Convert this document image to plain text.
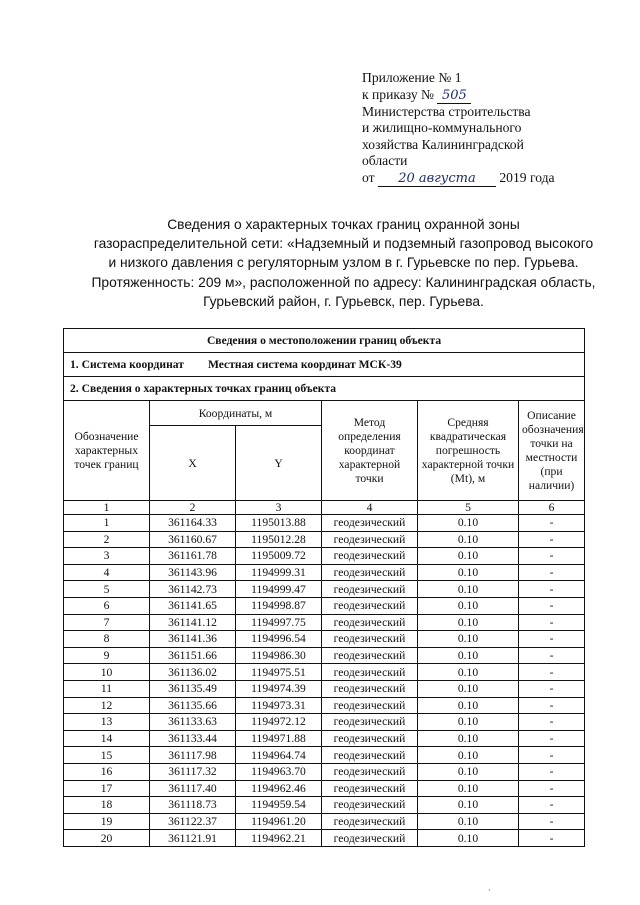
Приложение № 1
к приказу № 505
Министерства строительства
и жилищно-коммунального
хозяйства Калининградской
области
от 20 августа 2019 года
Сведения о характерных точках границ охранной зоны
газораспределительной сети: «Надземный и подземный газопровод высокого
и низкого давления с регуляторным узлом в г. Гурьевске по пер. Гурьева.
Протяженность: 209 м», расположенной по адресу: Калининградская область,
Гурьевский район, г. Гурьевск, пер. Гурьева.
Сведения о местоположении границ объекта					
1. Система координат Местная система координат МСК-39					
2. Сведения о характерных точках границ объекта					
Обозначение характерных точек границ	Координаты, м		Метод определения координат характерной точки	Средняя квадратическая погрешность характерной точки (Mt), м	Описание обозначения точки на местности (при наличии)
	X	Y			
1	2	3	4	5	6
1	361164.33	1195013.88	геодезический	0.10	-
2	361160.67	1195012.28	геодезический	0.10	-
3	361161.78	1195009.72	геодезический	0.10	-
4	361143.96	1194999.31	геодезический	0.10	-
5	361142.73	1194999.47	геодезический	0.10	-
6	361141.65	1194998.87	геодезический	0.10	-
7	361141.12	1194997.75	геодезический	0.10	-
8	361141.36	1194996.54	геодезический	0.10	-
9	361151.66	1194986.30	геодезический	0.10	-
10	361136.02	1194975.51	геодезический	0.10	-
11	361135.49	1194974.39	геодезический	0.10	-
12	361135.66	1194973.31	геодезический	0.10	-
13	361133.63	1194972.12	геодезический	0.10	-
14	361133.44	1194971.88	геодезический	0.10	-
15	361117.98	1194964.74	геодезический	0.10	-
16	361117.32	1194963.70	геодезический	0.10	-
17	361117.40	1194962.46	геодезический	0.10	-
18	361118.73	1194959.54	геодезический	0.10	-
19	361122.37	1194961.20	геодезический	0.10	-
20	361121.91	1194962.21	геодезический	0.10	-
·
